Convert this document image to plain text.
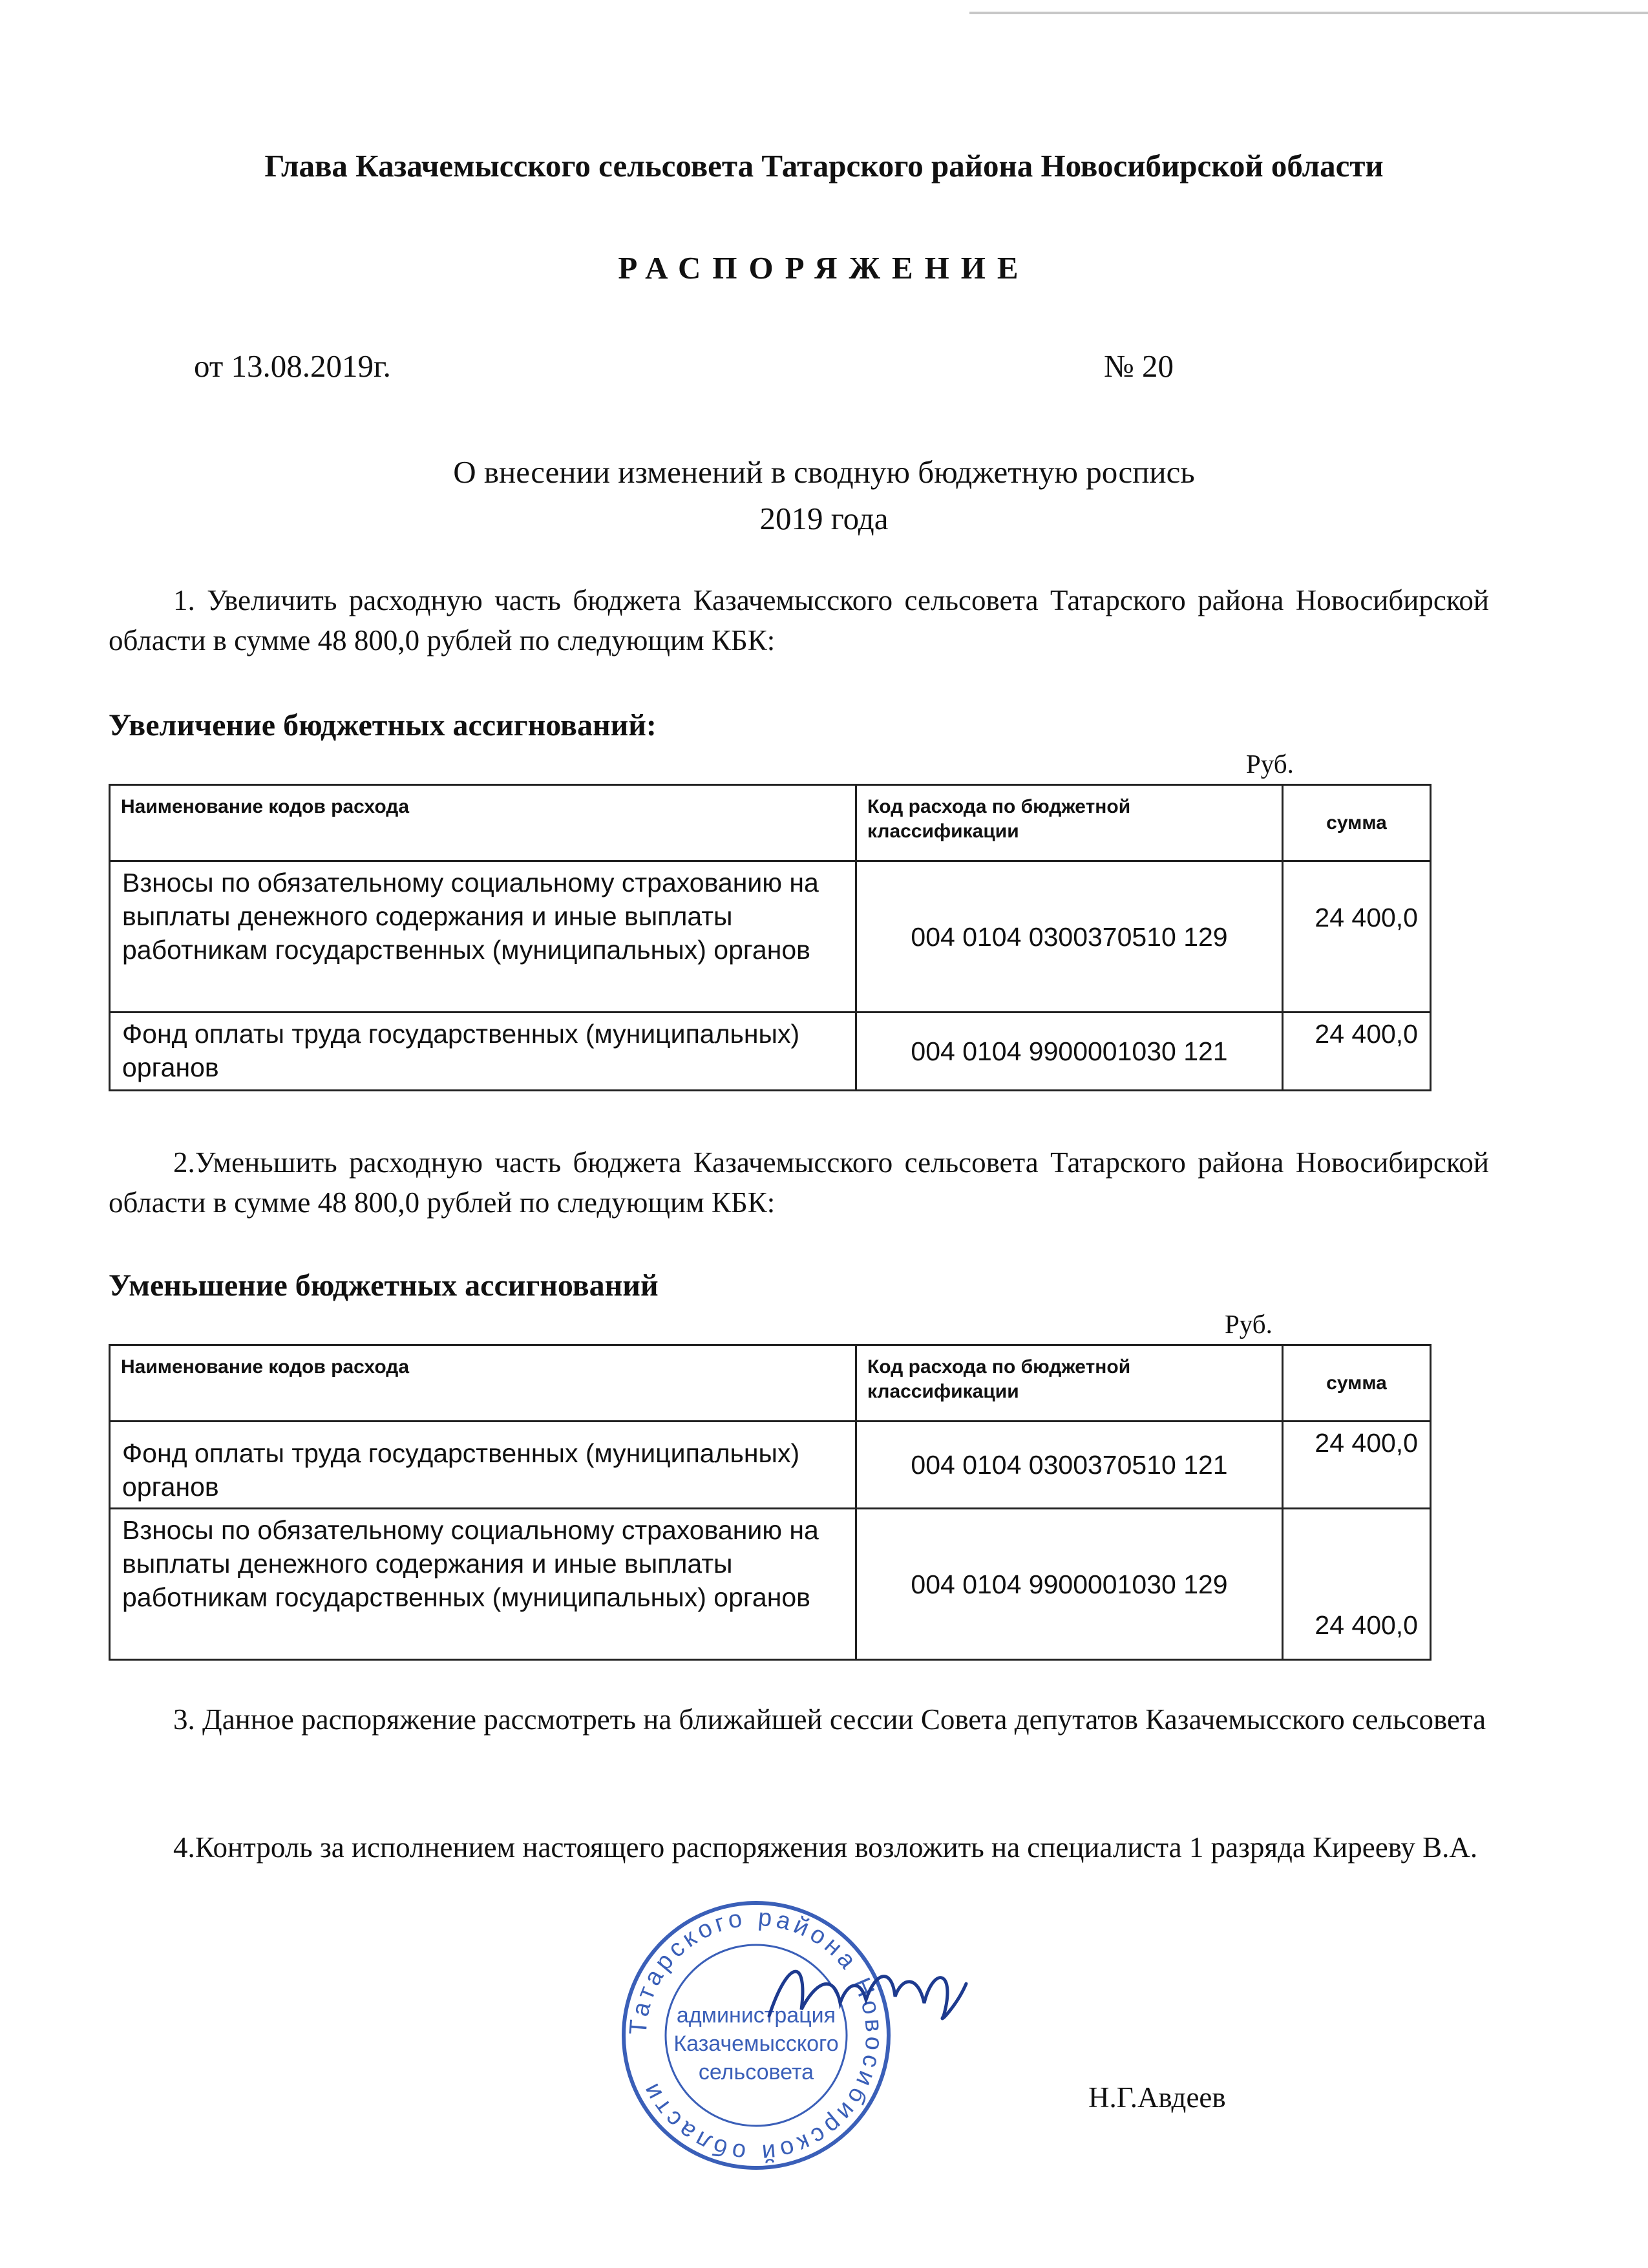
Глава Казачемысского сельсовета Татарского района Новосибирской области
РАСПОРЯЖЕНИЕ
от 13.08.2019г.	№ 20
О внесении изменений в сводную бюджетную роспись
2019 года
1. Увеличить расходную часть бюджета Казачемысского сельсовета Татарского района Новосибирской области в сумме 48 800,0 рублей по следующим КБК:
Увеличение бюджетных ассигнований:
Руб.
Наименование кодов расхода	Код расхода по бюджетной классификации	сумма
Взносы по обязательному социальному страхованию на выплаты денежного содержания и иные выплаты работникам государственных (муниципальных) органов	004 0104 0300370510 129	24 400,0
Фонд оплаты труда государственных (муниципальных) органов	004 0104 9900001030 121	24 400,0
2.Уменьшить расходную часть бюджета Казачемысского сельсовета Татарского района Новосибирской области в сумме 48 800,0 рублей по следующим КБК:
Уменьшение бюджетных ассигнований
Руб.
Наименование кодов расхода	Код расхода по бюджетной классификации	сумма
Фонд оплаты труда государственных (муниципальных) органов	004 0104 0300370510 121	24 400,0
Взносы по обязательному социальному страхованию на выплаты денежного содержания и иные выплаты работникам государственных (муниципальных) органов	004 0104 9900001030 129	24 400,0
3. Данное распоряжение рассмотреть на ближайшей сессии Совета депутатов Казачемысского сельсовета
4.Контроль за исполнением настоящего распоряжения возложить на специалиста 1 разряда Кирееву В.А.
Татарского района Новосибирской области
администрация Казачемысского сельсовета
Н.Г.Авдеев
